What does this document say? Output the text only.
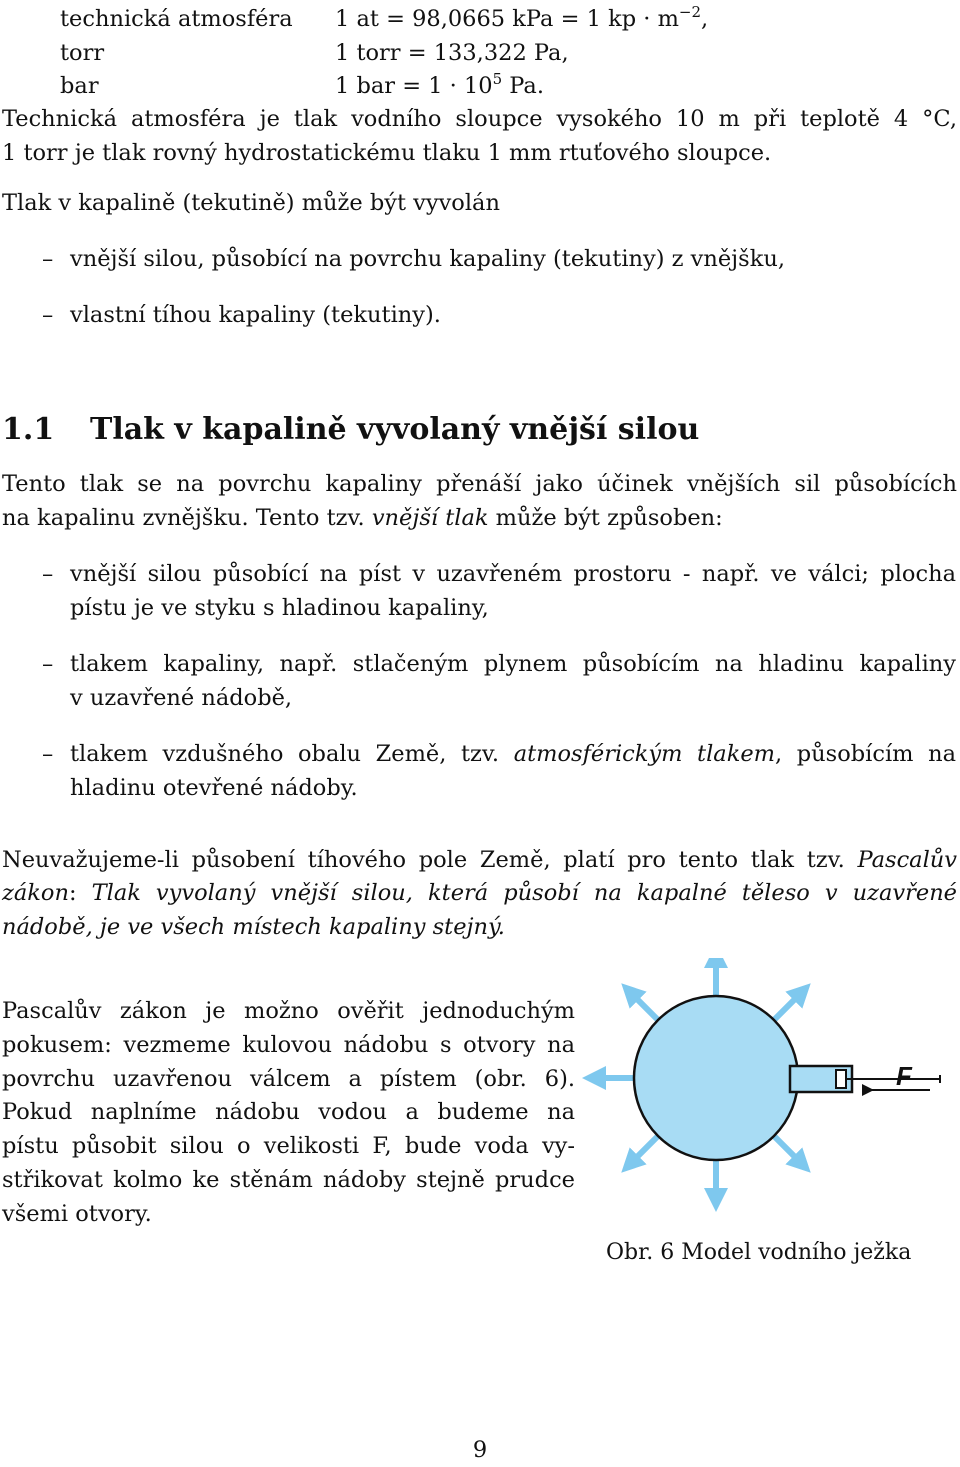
technická atmosféra 1 at = 98,0665 kPa = 1 kp · $m^{-2}$,
torr	1 torr = 133,322 Pa,
bar	1 bar = $1 \cdot 10^5$ Pa.
Technická atmosféra je tlak vodního sloupce vysokého 10 m při teplotě 4 °C,
1 torr je tlak rovný hydrostatickému tlaku 1 mm rtuťového sloupce.
Tlak v kapalině (tekutině) může být vyvolán
– vnější silou, působící na povrchu kapaliny (tekutiny) z vnějšku,
– vlastní tíhou kapaliny (tekutiny).
1.1 Tlak v kapalině vyvolaný vnější silou
Tento tlak se na povrchu kapaliny přenáší jako účinek vnějších sil působících
na kapalinu zvnějšku. Tento tzv. vnější tlak může být způsoben:
– vnější silou působící na píst v uzavřeném prostoru - např. ve válci; plocha
pístu je ve styku s hladinou kapaliny,
– tlakem kapaliny, např. stlačeným plynem působícím na hladinu kapaliny
v uzavřené nádobě,
– tlakem vzdušného obalu Země, tzv. atmosférickým tlakem, působícím na
hladinu otevřené nádoby.
Neuvažujeme-li působení tíhového pole Země, platí pro tento tlak tzv. Pascalův
zákon: Tlak vyvolaný vnější silou, která působí na kapalné těleso v uzavřené
nádobě, je ve všech místech kapaliny stejný.
Pascalův zákon je možno ověřit jednoduchým
pokusem: vezmeme kulovou nádobu s otvory na
povrchu uzavřenou válcem a pístem (obr. 6).
Pokud naplníme nádobu vodou a budeme na
pístu působit silou o velikosti F, bude voda vy-
střikovat kolmo ke stěnám nádoby stejně prudce
všemi otvory.
F
Obr. 6 Model vodního ježka
9
